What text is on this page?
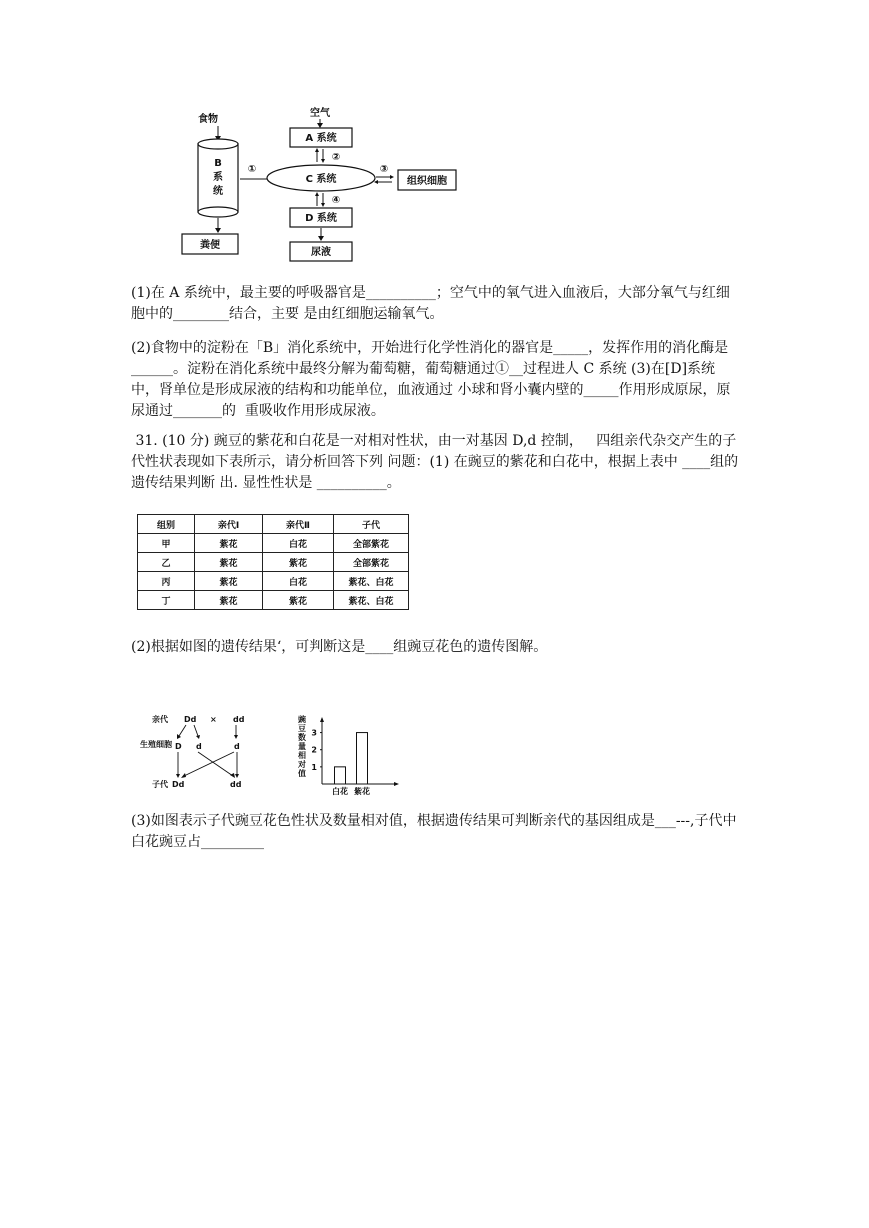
食物
B
系
统
粪便
①
空气
A 系统
②
C 系统
③
组织细胞
④
D 系统
尿液
(1)在 A 系统中，最主要的呼吸器官是__________；空气中的氧气进入血液后，大部分氧气与红细胞中的________结合，主要 是由红细胞运输氧气。
(2)食物中的淀粉在「B」消化系统中，开始进行化学性消化的器官是_____，发挥作用的消化酶是______。淀粉在消化系统中最终分解为葡萄糖，葡萄糖通过①__过程进人 C 系统 (3)在[D]系统中，肾单位是形成尿液的结构和功能单位，血液通过 小球和肾小囊内壁的_____作用形成原尿，原尿通过_______的  重吸收作用形成尿液。
31. (10 分) 豌豆的紫花和白花是一对相对性状，由一对基因 D,d 控制，   四组亲代杂交产生的子代性状表现如下表所示，请分析回答下列 问题：(1) 在豌豆的紫花和白花中，根据上表中 ____组的遗传结果判断 出. 显性性状是 __________。
组别	亲代Ⅰ	亲代Ⅱ	子代
甲	紫花	白花	全部紫花
乙	紫花	紫花	全部紫花
丙	紫花	白花	紫花、白花
丁	紫花	紫花	紫花、白花
(2)根据如图的遗传结果‘，可判断这是____组豌豆花色的遗传图解。
亲代 Dd × dd
生殖细胞 D d	d
子代 Dd	dd
豌
豆
数
量
相
对
值
1
2
3
白花 紫花
(3)如图表示子代豌豆花色性状及数量相对值，根据遗传结果可判断亲代的基因组成是___---,子代中白花豌豆占_________
